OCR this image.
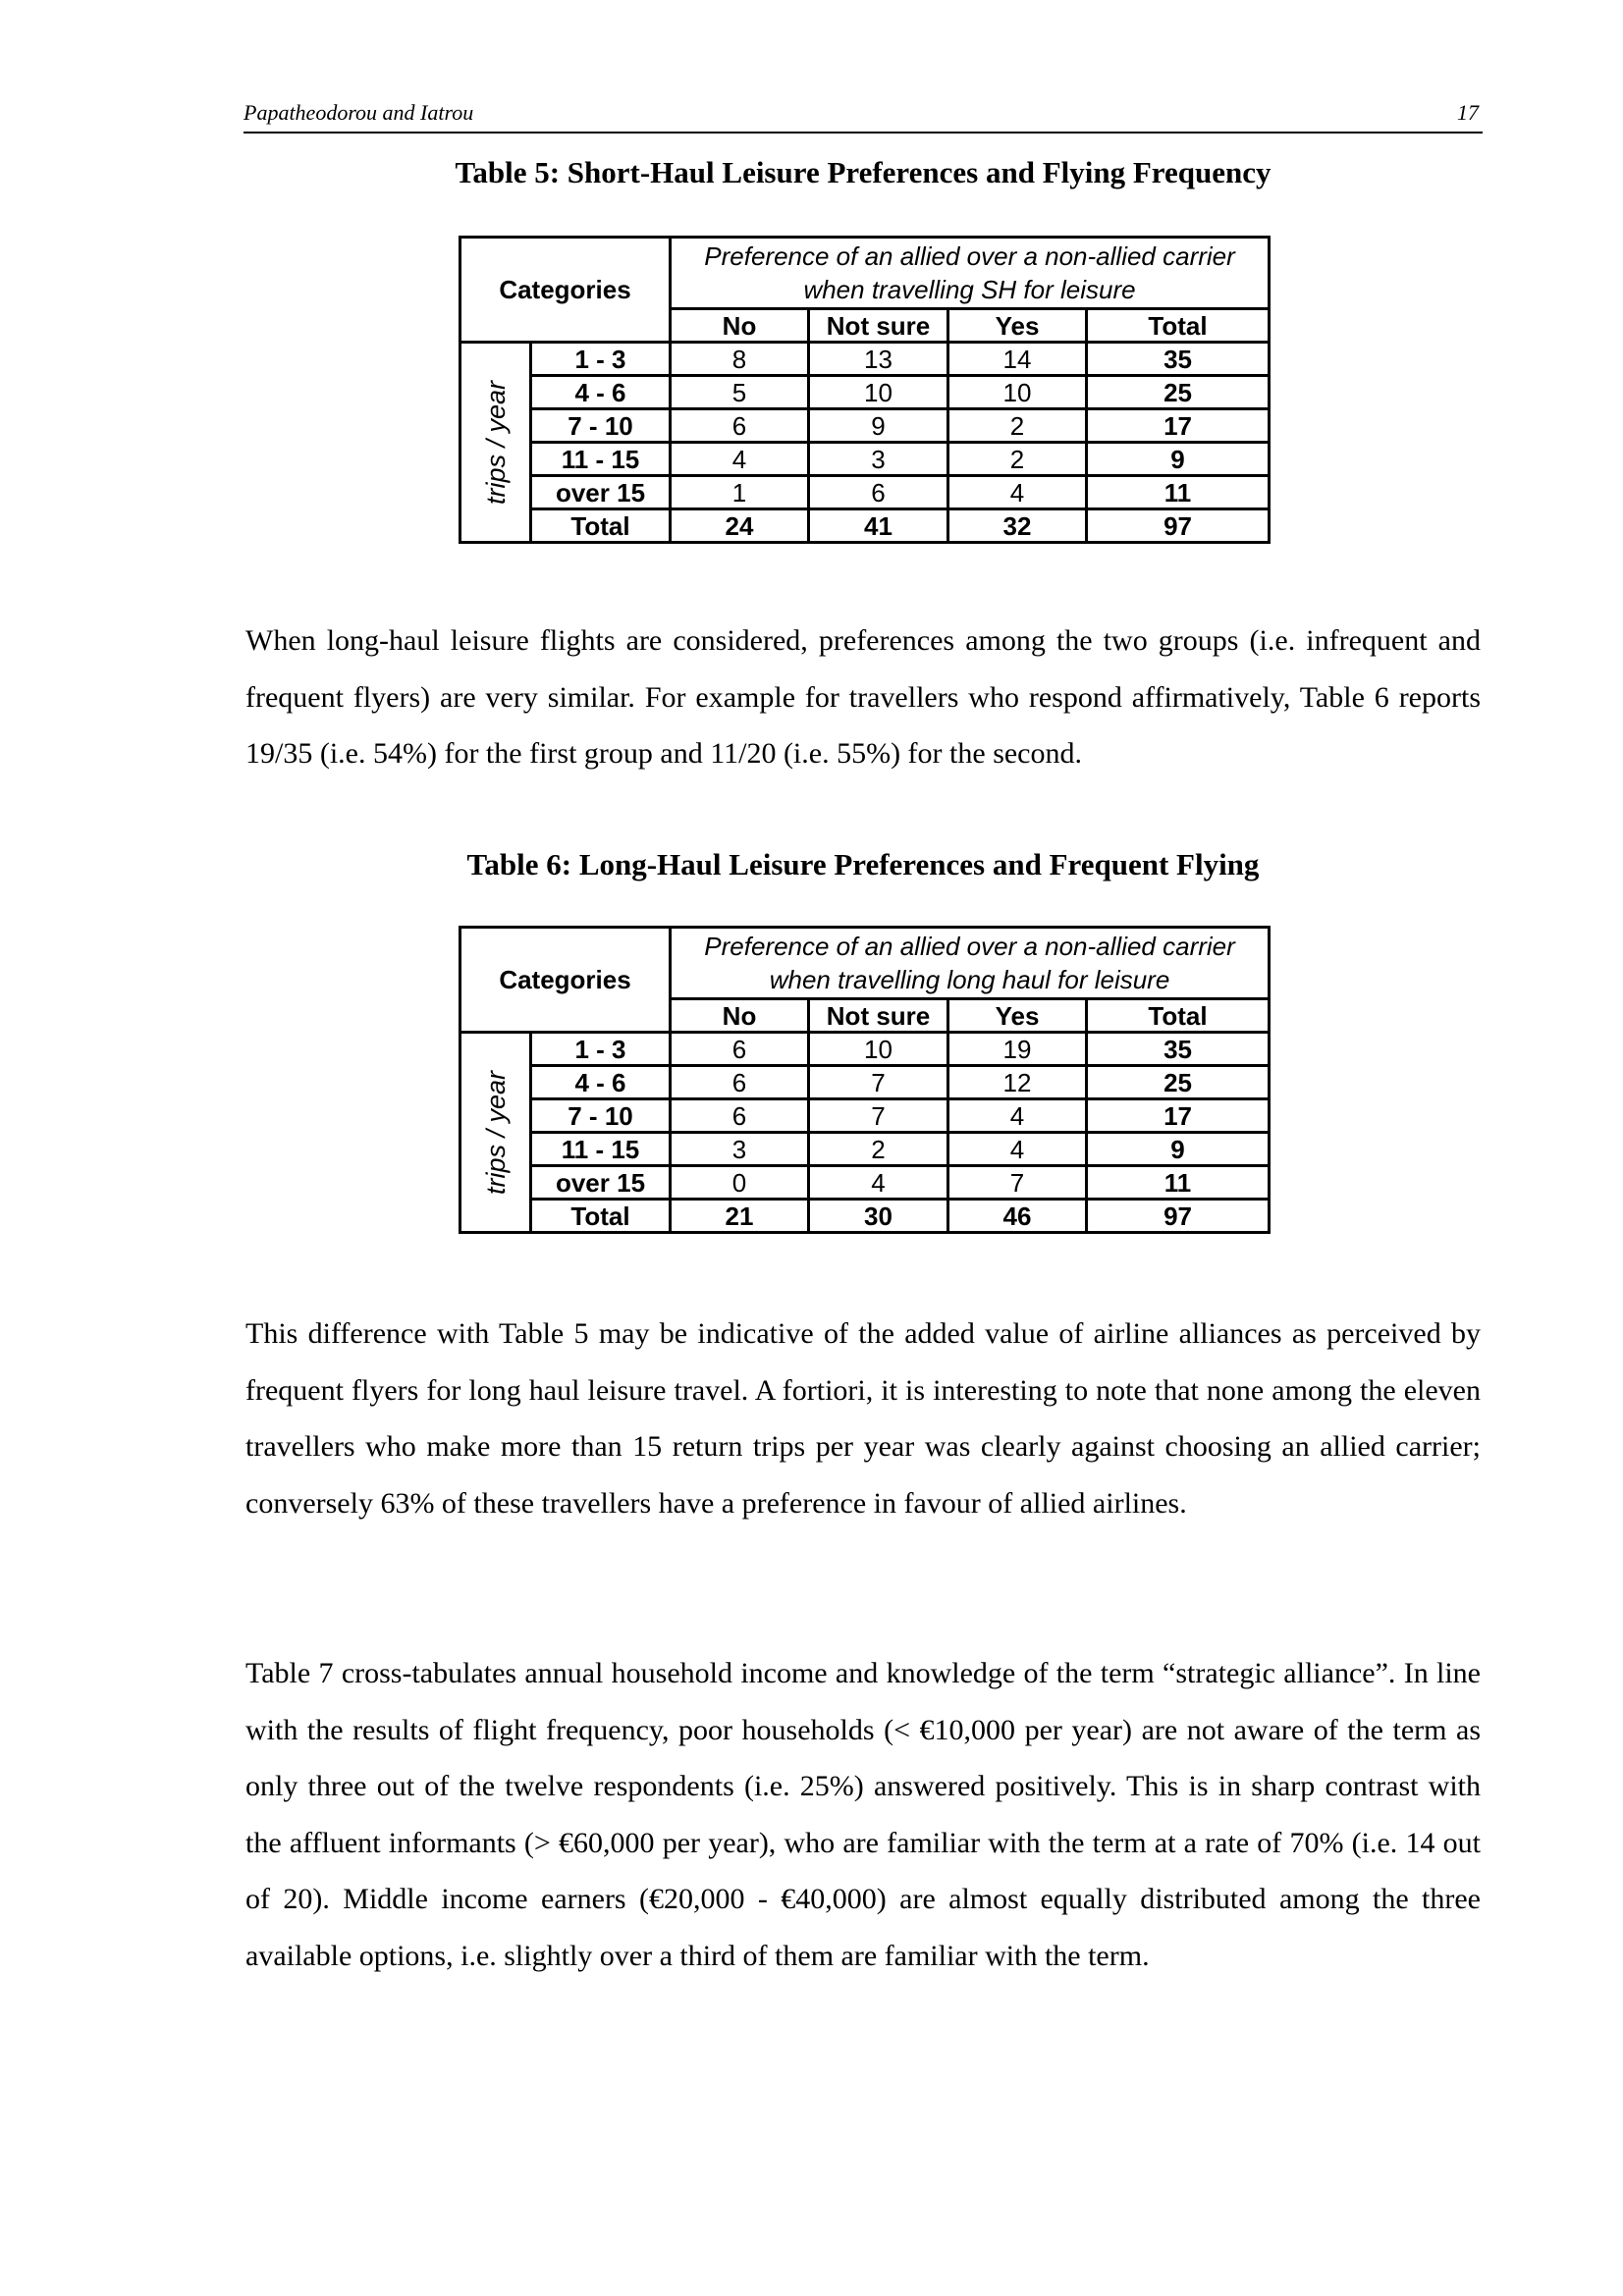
Papatheodorou and Iatrou	17
Table 5: Short-Haul Leisure Preferences and Flying Frequency
Categories		Preference of an allied over a non-allied carrier
when travelling SH for leisure			
		No	Not sure	Yes	Total

trips / year	1 - 3	8	13	14	35
	4 - 6	5	10	10	25
	7 - 10	6	9	2	17
	11 - 15	4	3	2	9
	over 15	1	6	4	11
	Total	24	41	32	97

When long-haul leisure flights are considered, preferences among the two groups (i.e. infrequent and frequent flyers) are very similar. For example for travellers who respond affirmatively, Table 6 reports 19/35 (i.e. 54%) for the first group and 11/20 (i.e. 55%) for the second.

Table 6: Long-Haul Leisure Preferences and Frequent Flying
Categories		Preference of an allied over a non-allied carrier
when travelling long haul for leisure			
		No	Not sure	Yes	Total

trips / year	1 - 3	6	10	19	35
	4 - 6	6	7	12	25
	7 - 10	6	7	4	17
	11 - 15	3	2	4	9
	over 15	0	4	7	11
	Total	21	30	46	97

This difference with Table 5 may be indicative of the added value of airline alliances as perceived by frequent flyers for long haul leisure travel. A fortiori, it is interesting to note that none among the eleven travellers who make more than 15 return trips per year was clearly against choosing an allied carrier; conversely 63% of these travellers have a preference in favour of allied airlines.

Table 7 cross-tabulates annual household income and knowledge of the term “strategic alliance”. In line with the results of flight frequency, poor households (< €10,000 per year) are not aware of the term as only three out of the twelve respondents (i.e. 25%) answered positively. This is in sharp contrast with the affluent informants (> €60,000 per year), who are familiar with the term at a rate of 70% (i.e. 14 out of 20). Middle income earners (€20,000 - €40,000) are almost equally distributed among the three available options, i.e. slightly over a third of them are familiar with the term.
